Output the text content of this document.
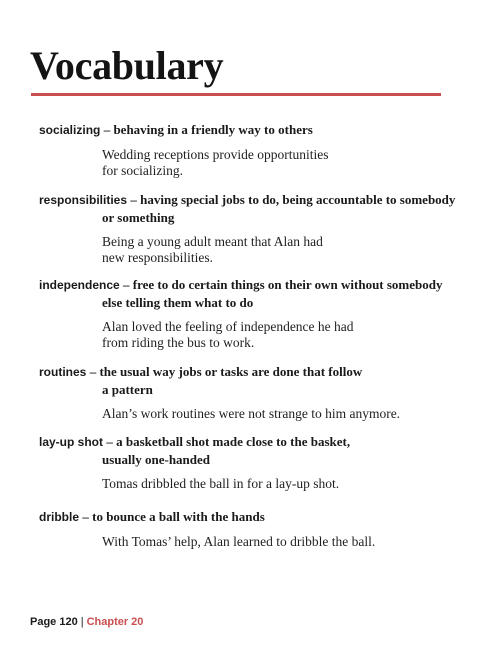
Vocabulary

socializing – behaving in a friendly way to others

Wedding receptions provide opportunities
for socializing.

responsibilities – having special jobs to do, being accountable to somebody

or something

Being a young adult meant that Alan had
new responsibilities.

independence – free to do certain things on their own without somebody

else telling them what to do

Alan loved the feeling of independence he had
from riding the bus to work.

routines – the usual way jobs or tasks are done that follow

a pattern

Alan’s work routines were not strange to him anymore.

lay-up shot – a basketball shot made close to the basket,

usually one-handed

Tomas dribbled the ball in for a lay-up shot.

dribble – to bounce a ball with the hands

With Tomas’ help, Alan learned to dribble the ball.

Page 120 | Chapter 20
